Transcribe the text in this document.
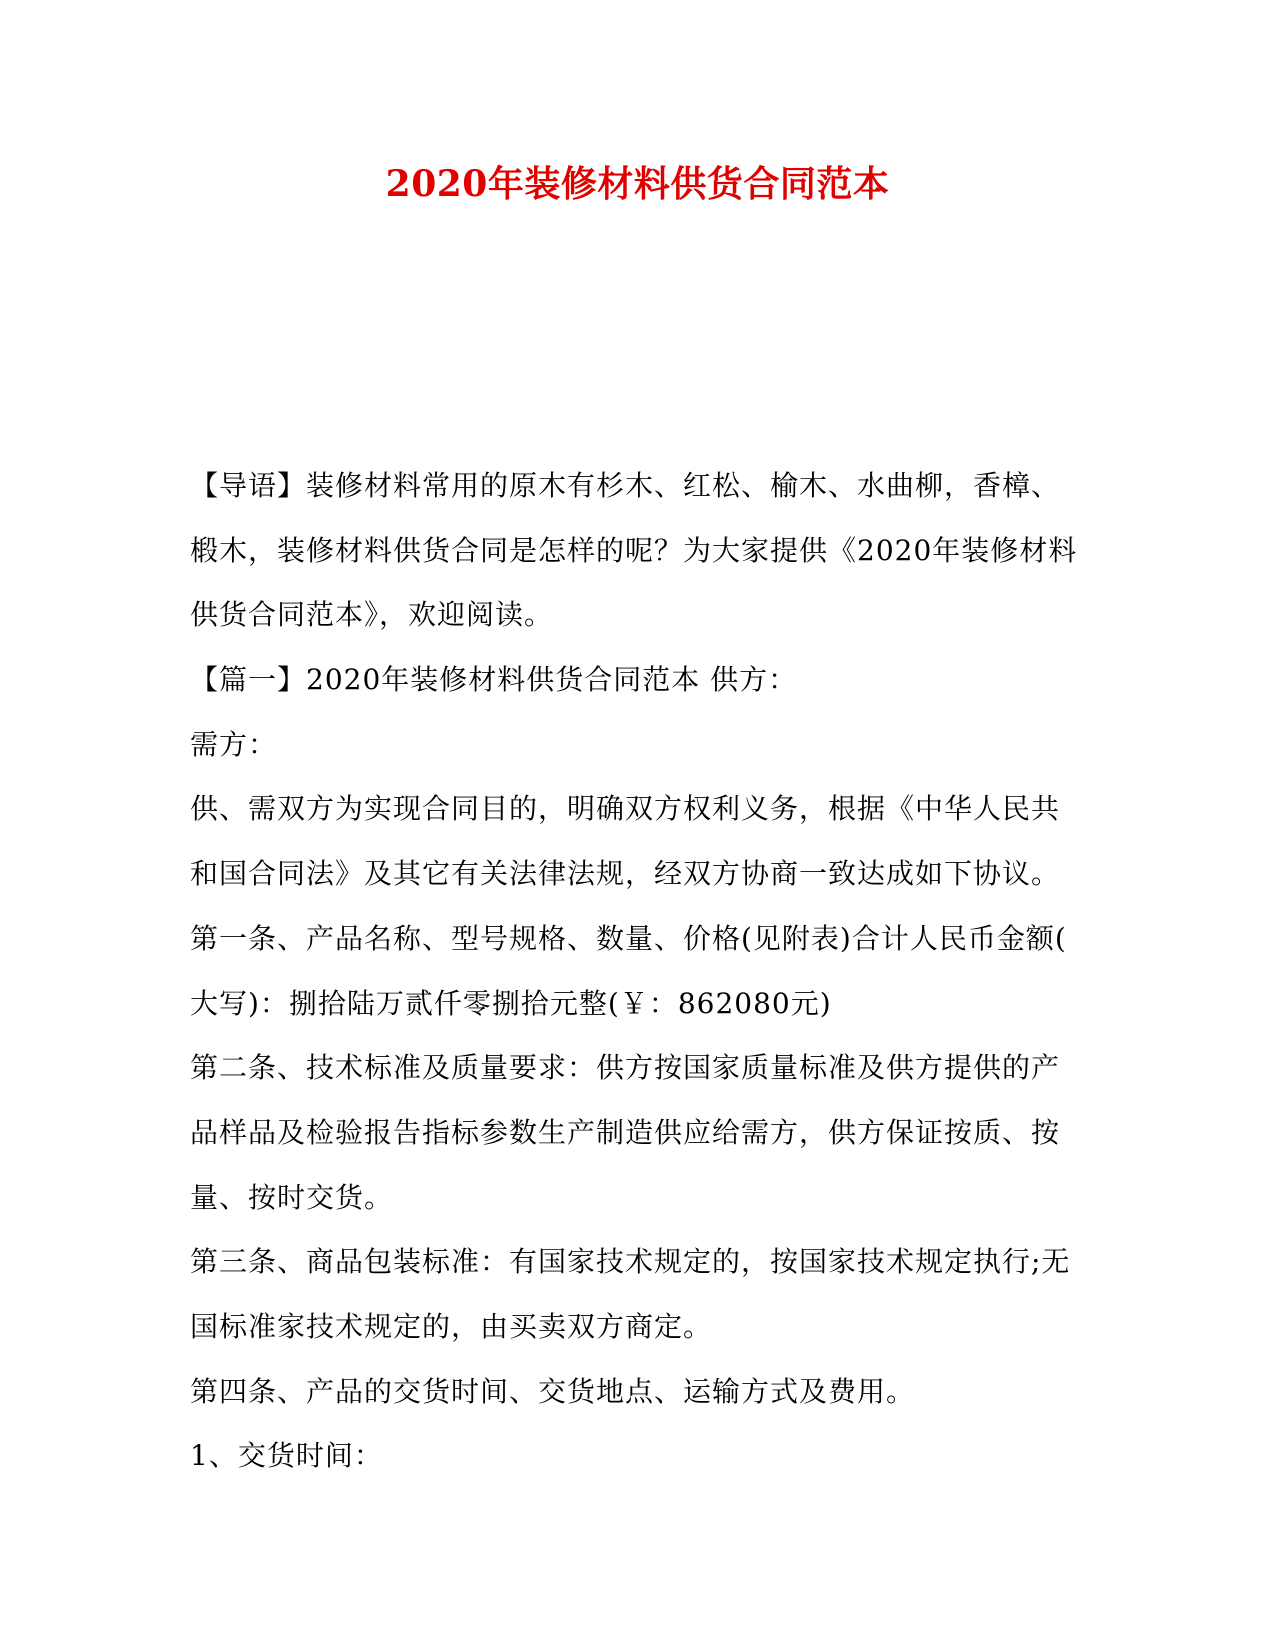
2020年装修材料供货合同范本
【导语】装修材料常用的原木有杉木、红松、榆木、水曲柳，香樟、
椴木，装修材料供货合同是怎样的呢？为大家提供《2020年装修材料
供货合同范本》，欢迎阅读。
【篇一】2020年装修材料供货合同范本 供方：
需方：
供、需双方为实现合同目的，明确双方权利义务，根据《中华人民共
和国合同法》及其它有关法律法规，经双方协商一致达成如下协议。
第一条、产品名称、型号规格、数量、价格(见附表)合计人民币金额(
大写)：捌拾陆万贰仟零捌拾元整(￥：862080元)
第二条、技术标准及质量要求：供方按国家质量标准及供方提供的产
品样品及检验报告指标参数生产制造供应给需方，供方保证按质、按
量、按时交货。
第三条、商品包装标准：有国家技术规定的，按国家技术规定执行;无
国标准家技术规定的，由买卖双方商定。
第四条、产品的交货时间、交货地点、运输方式及费用。
1、交货时间：
